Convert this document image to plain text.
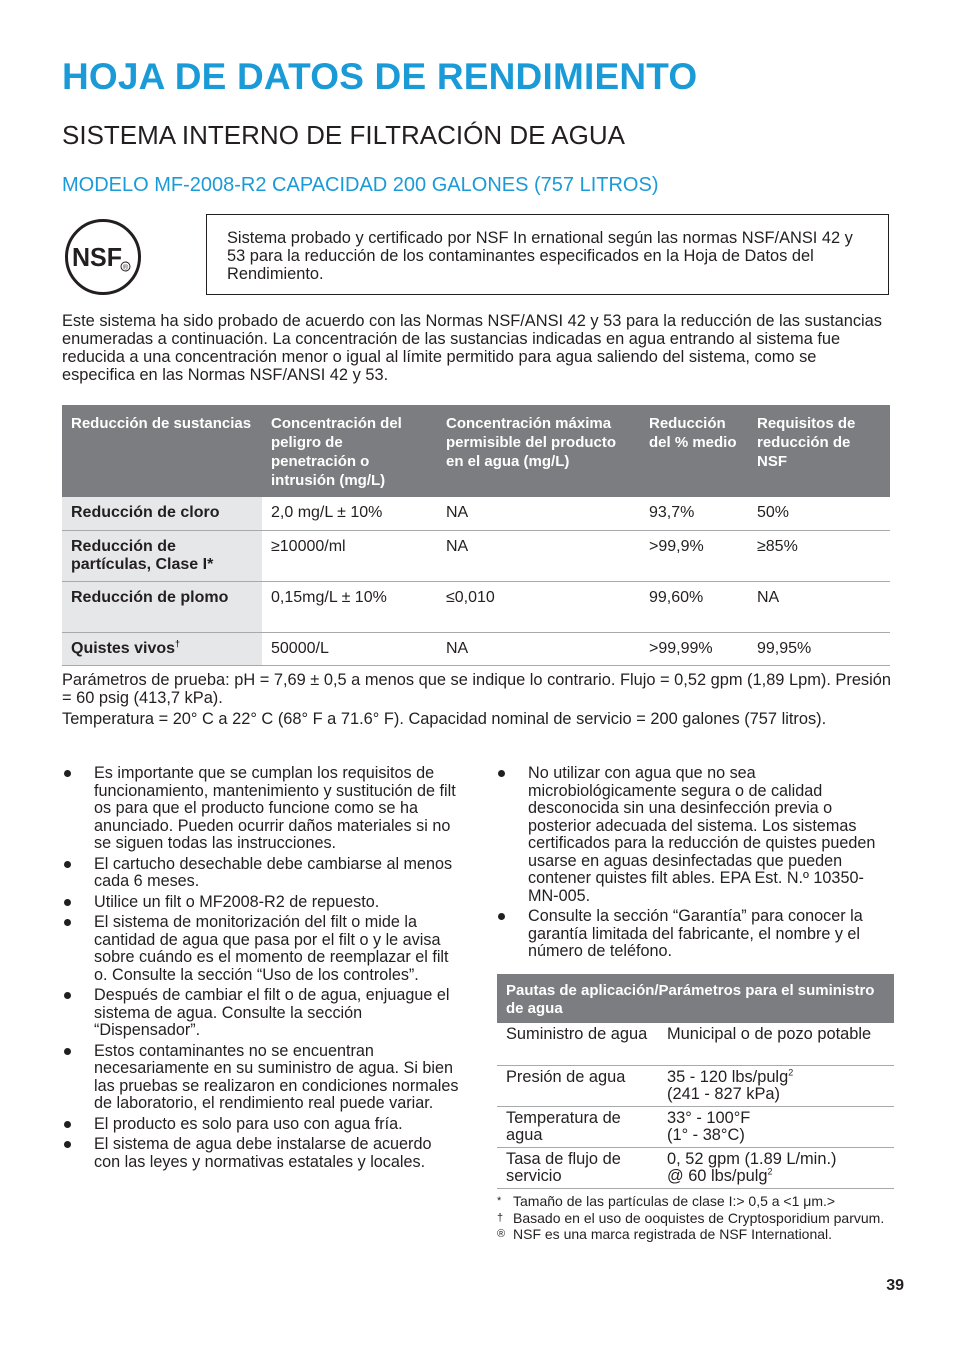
HOJA DE DATOS DE RENDIMIENTO
SISTEMA INTERNO DE FILTRACIÓN DE AGUA
MODELO MF-2008-R2 CAPACIDAD 200 GALONES (757 LITROS)
NSF ®
Sistema probado y certificado por NSF In ernational según las normas NSF/ANSI 42 y 53 para la reducción de los contaminantes especificados en la Hoja de Datos del Rendimiento.

Este sistema ha sido probado de acuerdo con las Normas NSF/ANSI 42 y 53 para la reducción de las sustancias enumeradas a continuación. La concentración de las sustancias indicadas en agua entrando al sistema fue reducida a una concentración menor o igual al límite permitido para agua saliendo del sistema, como se especifica en las Normas NSF/ANSI 42 y 53.

Reducción de sustancias	Concentración del peligro de penetración o intrusión (mg/L)	Concentración máxima permisible del producto en el agua (mg/L)	Reducción del % medio	Requisitos de reducción de NSF
Reducción de cloro	2,0 mg/L ± 10%	NA	93,7%	50%
Reducción de partículas, Clase I*	≥10000/ml	NA	>99,9%	≥85%
Reducción de plomo	0,15mg/L ± 10%	≤0,010	99,60%	NA
Quistes vivos†	50000/L	NA	>99,99%	99,95%

Parámetros de prueba: pH = 7,69 ± 0,5 a menos que se indique lo contrario. Flujo = 0,52 gpm (1,89 Lpm). Presión = 60 psig (413,7 kPa).

Temperatura = 20° C a 22° C (68° F a 71.6° F). Capacidad nominal de servicio = 200 galones (757 litros).

Es importante que se cumplan los requisitos de funcionamiento, mantenimiento y sustitución de filt os para que el producto funcione como se ha anunciado. Pueden ocurrir daños materiales si no se siguen todas las instrucciones.
El cartucho desechable debe cambiarse al menos cada 6 meses.
Utilice un filt o MF2008-R2 de repuesto.
El sistema de monitorización del filt o mide la cantidad de agua que pasa por el filt o y le avisa sobre cuándo es el momento de reemplazar el filt o. Consulte la sección “Uso de los controles”.
Después de cambiar el filt o de agua, enjuague el sistema de agua. Consulte la sección “Dispensador”.
Estos contaminantes no se encuentran necesariamente en su suministro de agua. Si bien las pruebas se realizaron en condiciones normales de laboratorio, el rendimiento real puede variar.
El producto es solo para uso con agua fría.
El sistema de agua debe instalarse de acuerdo con las leyes y normativas estatales y locales.
No utilizar con agua que no sea microbiológicamente segura o de calidad desconocida sin una desinfección previa o posterior adecuada del sistema. Los sistemas certificados para la reducción de quistes pueden usarse en aguas desinfectadas que pueden contener quistes filt ables. EPA Est. N.º 10350-MN-005.
Consulte la sección “Garantía” para conocer la garantía limitada del fabricante, el nombre y el número de teléfono.
Pautas de aplicación/Parámetros para el suministro de agua	
Suministro de agua	Municipal o de pozo potable
Presión de agua	35 - 120 lbs/pulg$^2$
(241 - 827 kPa)
Temperatura de agua	33° - 100°F
(1° - 38°C)
Tasa de flujo de servicio	0, 52 gpm (1.89 L/min.)
@ 60 lbs/pulg$^2$
* Tamaño de las partículas de clase I:> 0,5 a <1 μm.>
† Basado en el uso de ooquistes de Cryptosporidium parvum.
® NSF es una marca registrada de NSF International.
39
